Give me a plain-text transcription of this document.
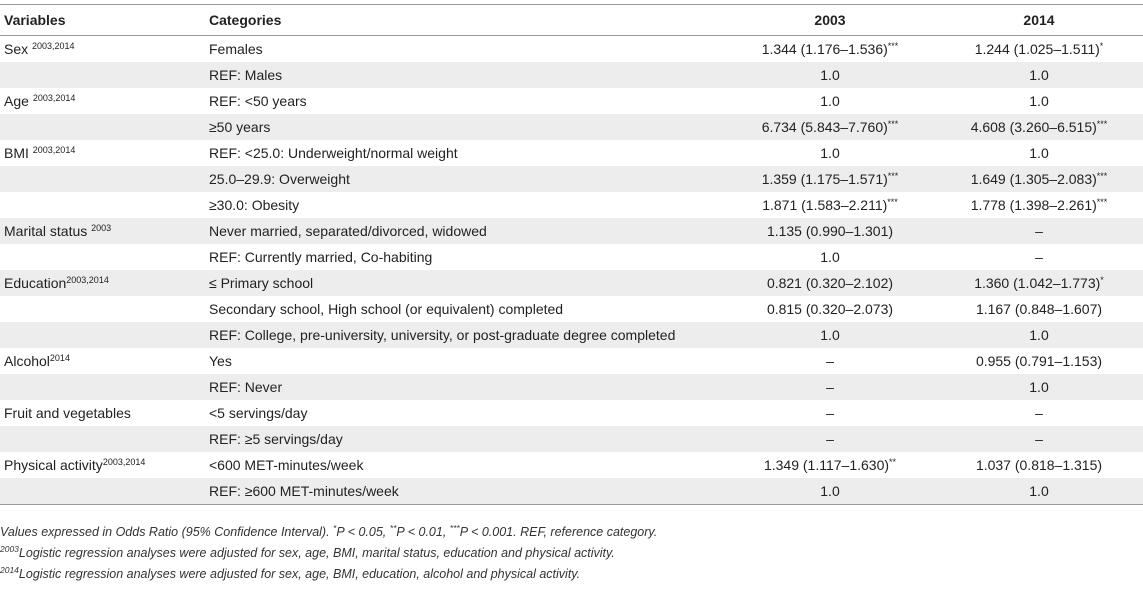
Variables	Categories	2003	2014
Sex $^{2003,2014}$	Females	1.344 (1.176–1.536)***	1.244 (1.025–1.511)*
	REF: Males	1.0	1.0
Age $^{2003,2014}$	REF: <50 years	1.0	1.0
	≥50 years	6.734 (5.843–7.760)***	4.608 (3.260–6.515)***
BMI $^{2003,2014}$	REF: <25.0: Underweight/normal weight	1.0	1.0
	25.0–29.9: Overweight	1.359 (1.175–1.571)***	1.649 (1.305–2.083)***
	≥30.0: Obesity	1.871 (1.583–2.211)***	1.778 (1.398–2.261)***
Marital status $^{2003}$	Never married, separated/divorced, widowed	1.135 (0.990–1.301)	–
	REF: Currently married, Co-habiting	1.0	–
Education$^{2003,2014}$	≤ Primary school	0.821 (0.320–2.102)	1.360 (1.042–1.773)*
	Secondary school, High school (or equivalent) completed	0.815 (0.320–2.073)	1.167 (0.848–1.607)
	REF: College, pre-university, university, or post-graduate degree completed	1.0	1.0
Alcohol$^{2014}$	Yes	–	0.955 (0.791–1.153)
	REF: Never	–	1.0
Fruit and vegetables	<5 servings/day	–	–
	REF: ≥5 servings/day	–	–
Physical activity$^{2003,2014}$	<600 MET-minutes/week	1.349 (1.117–1.630)**	1.037 (0.818–1.315)
	REF: ≥600 MET-minutes/week	1.0	1.0
Values expressed in Odds Ratio (95% Confidence Interval). *P < 0.05, **P < 0.01, ***P < 0.001. REF, reference category.
$^{2003}$Logistic regression analyses were adjusted for sex, age, BMI, marital status, education and physical activity.
$^{2014}$Logistic regression analyses were adjusted for sex, age, BMI, education, alcohol and physical activity.
